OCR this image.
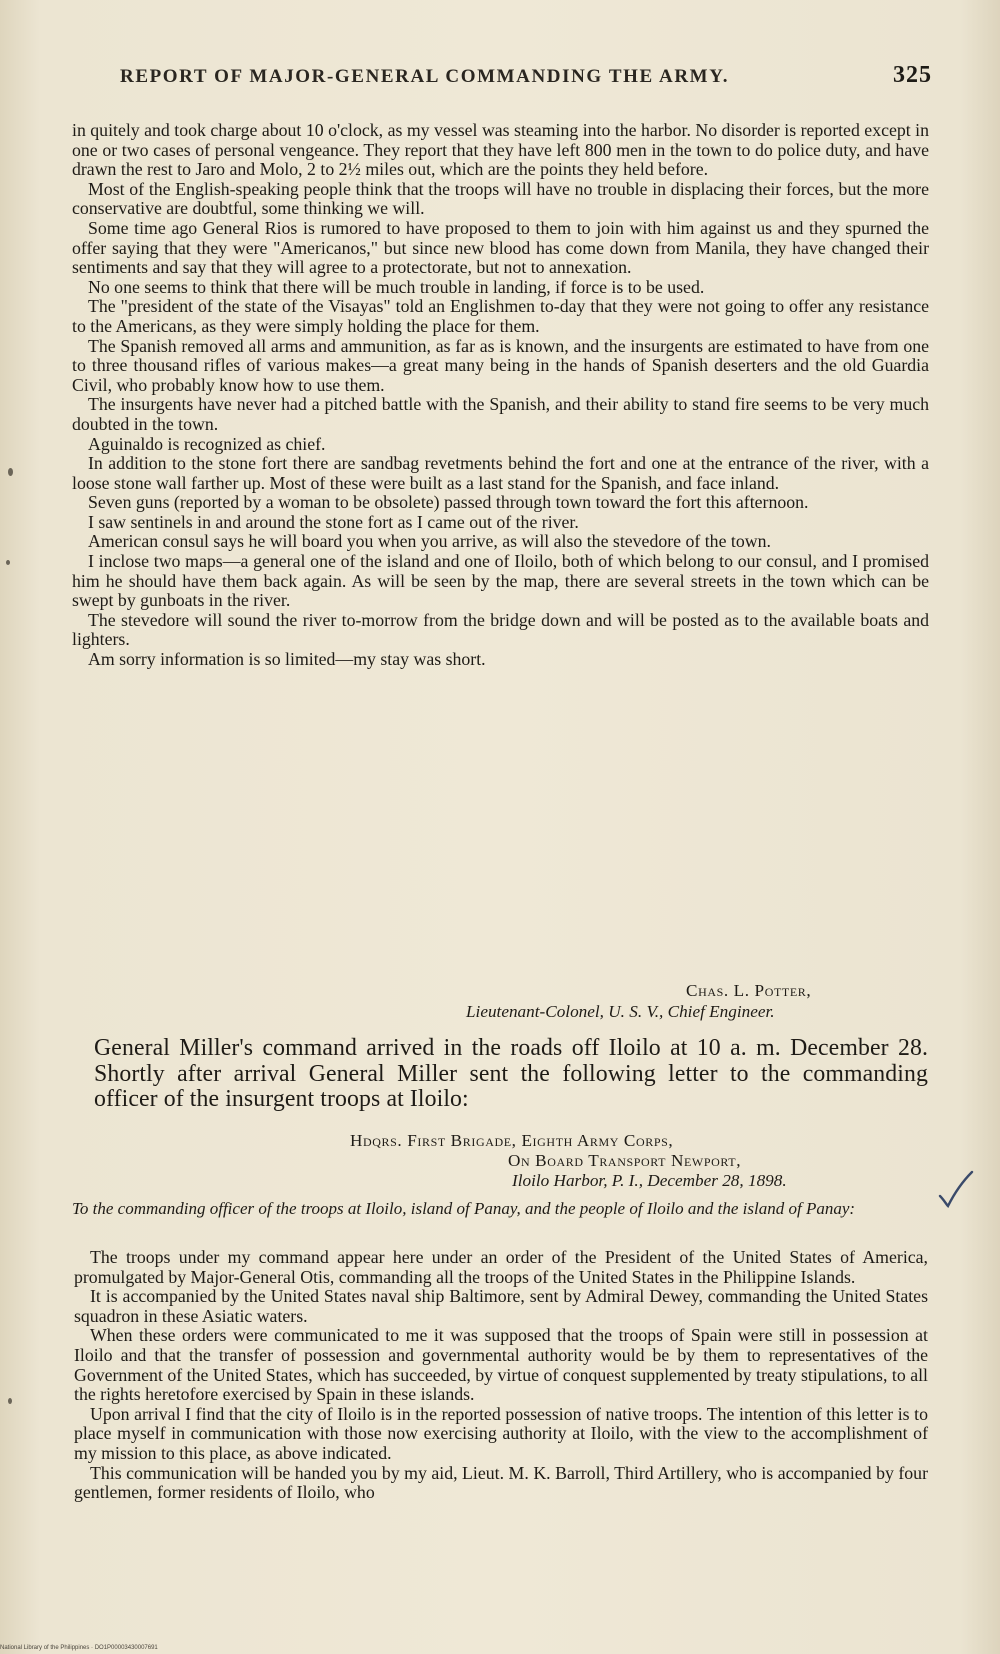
REPORT OF MAJOR-GENERAL COMMANDING THE ARMY.	325

in quitely and took charge about 10 o'clock, as my vessel was steaming into the harbor. No disorder is reported except in one or two cases of personal vengeance. They report that they have left 800 men in the town to do police duty, and have drawn the rest to Jaro and Molo, 2 to 2½ miles out, which are the points they held before.

Most of the English-speaking people think that the troops will have no trouble in displacing their forces, but the more conservative are doubtful, some thinking we will.

Some time ago General Rios is rumored to have proposed to them to join with him against us and they spurned the offer saying that they were "Americanos," but since new blood has come down from Manila, they have changed their sentiments and say that they will agree to a protectorate, but not to annexation.

No one seems to think that there will be much trouble in landing, if force is to be used.

The "president of the state of the Visayas" told an Englishmen to-day that they were not going to offer any resistance to the Americans, as they were simply holding the place for them.

The Spanish removed all arms and ammunition, as far as is known, and the insurgents are estimated to have from one to three thousand rifles of various makes—a great many being in the hands of Spanish deserters and the old Guardia Civil, who probably know how to use them.

The insurgents have never had a pitched battle with the Spanish, and their ability to stand fire seems to be very much doubted in the town.

Aguinaldo is recognized as chief.

In addition to the stone fort there are sandbag revetments behind the fort and one at the entrance of the river, with a loose stone wall farther up. Most of these were built as a last stand for the Spanish, and face inland.

Seven guns (reported by a woman to be obsolete) passed through town toward the fort this afternoon.

I saw sentinels in and around the stone fort as I came out of the river.

American consul says he will board you when you arrive, as will also the stevedore of the town.

I inclose two maps—a general one of the island and one of Iloilo, both of which belong to our consul, and I promised him he should have them back again. As will be seen by the map, there are several streets in the town which can be swept by gunboats in the river.

The stevedore will sound the river to-morrow from the bridge down and will be posted as to the available boats and lighters.

Am sorry information is so limited—my stay was short.

Chas. L. Potter,
Lieutenant-Colonel, U. S. V., Chief Engineer.

General Miller's command arrived in the roads off Iloilo at 10 a. m. December 28. Shortly after arrival General Miller sent the following letter to the commanding officer of the insurgent troops at Iloilo:

Hdqrs. First Brigade, Eighth Army Corps,
On Board Transport Newport,
Iloilo Harbor, P. I., December 28, 1898.

To the commanding officer of the troops at Iloilo, island of Panay, and the people of Iloilo and the island of Panay:

The troops under my command appear here under an order of the President of the United States of America, promulgated by Major-General Otis, commanding all the troops of the United States in the Philippine Islands.

It is accompanied by the United States naval ship Baltimore, sent by Admiral Dewey, commanding the United States squadron in these Asiatic waters.

When these orders were communicated to me it was supposed that the troops of Spain were still in possession at Iloilo and that the transfer of possession and governmental authority would be by them to representatives of the Government of the United States, which has succeeded, by virtue of conquest supplemented by treaty stipulations, to all the rights heretofore exercised by Spain in these islands.

Upon arrival I find that the city of Iloilo is in the reported possession of native troops. The intention of this letter is to place myself in communication with those now exercising authority at Iloilo, with the view to the accomplishment of my mission to this place, as above indicated.

This communication will be handed you by my aid, Lieut. M. K. Barroll, Third Artillery, who is accompanied by four gentlemen, former residents of Iloilo, who

National Library of the Philippines · DO1P00003430007691
